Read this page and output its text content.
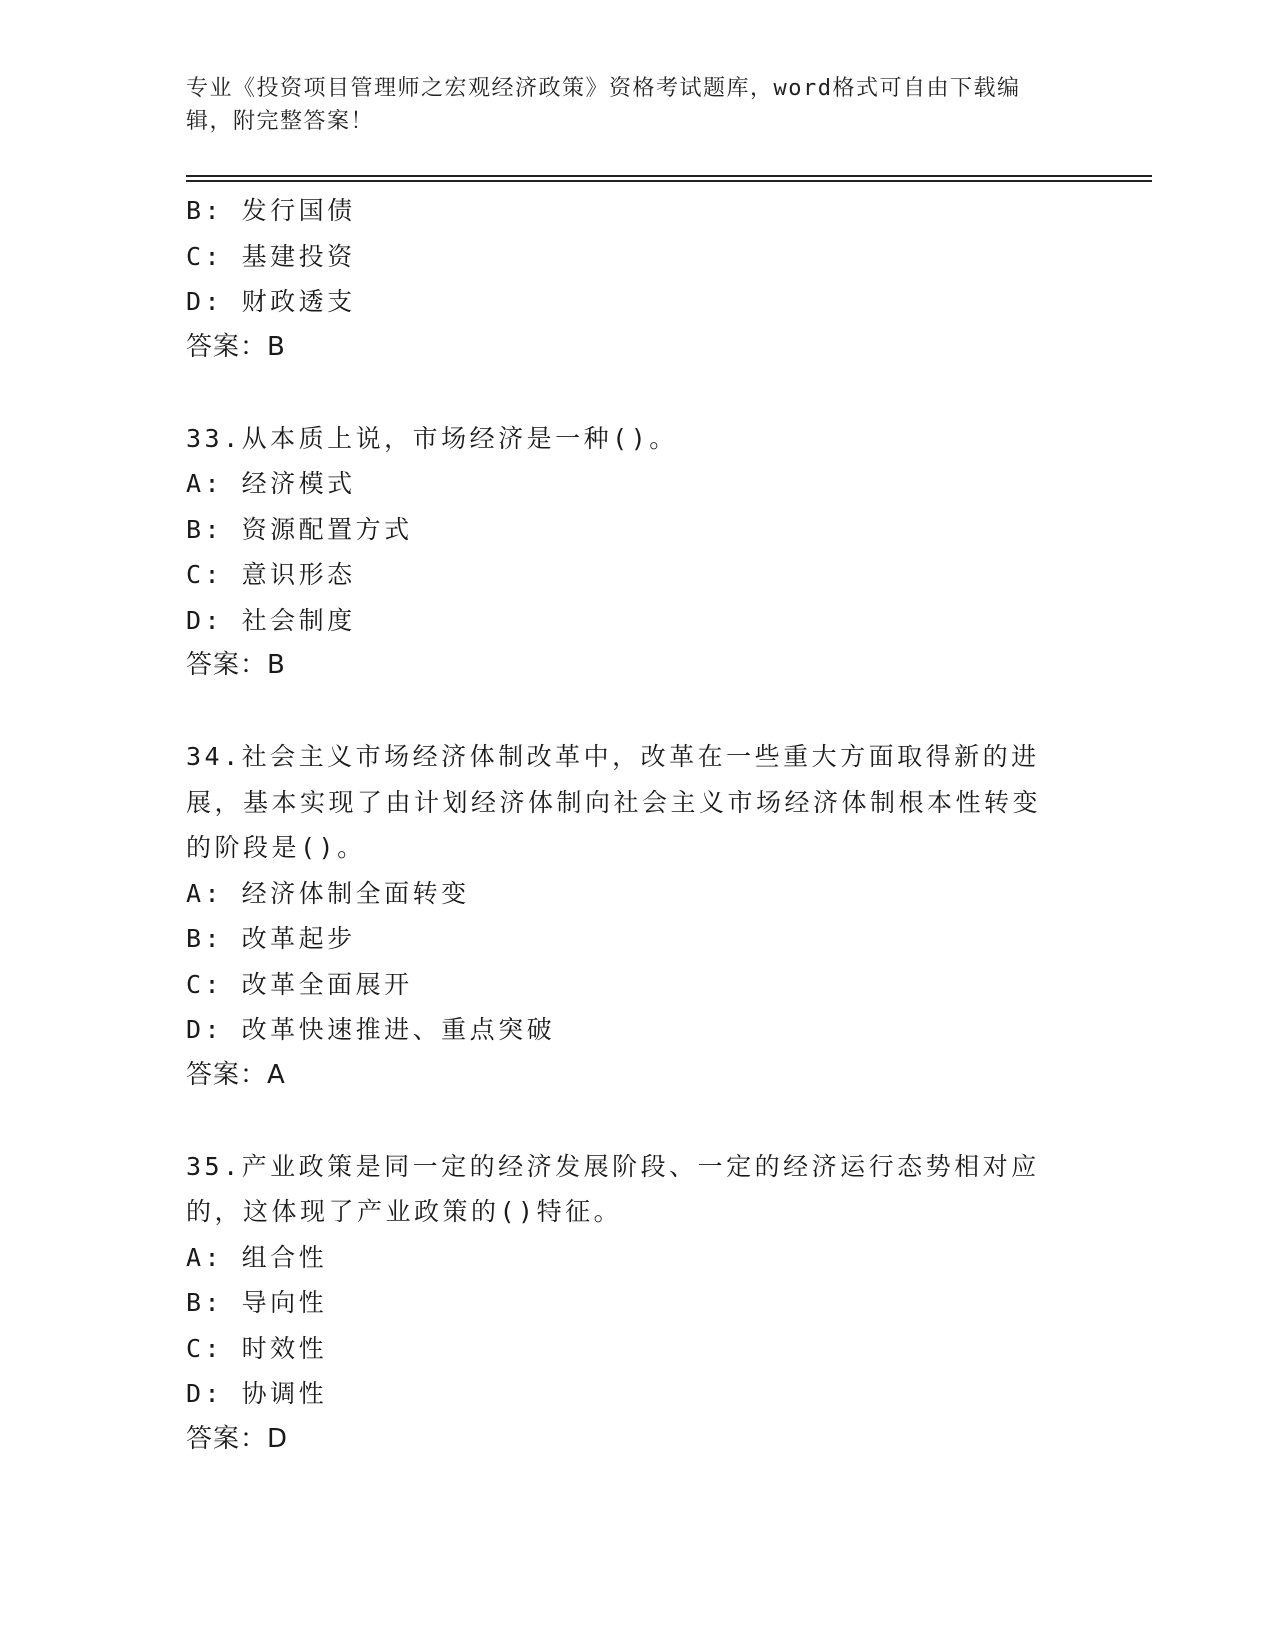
专业《投资项目管理师之宏观经济政策》资格考试题库，word格式可自由下载编辑，附完整答案！
B: 发行国债
C: 基建投资
D: 财政透支
答案：B
33.从本质上说，市场经济是一种()。
A: 经济模式
B: 资源配置方式
C: 意识形态
D: 社会制度
答案：B
34.社会主义市场经济体制改革中，改革在一些重大方面取得新的进展，基本实现了由计划经济体制向社会主义市场经济体制根本性转变的阶段是()。
A: 经济体制全面转变
B: 改革起步
C: 改革全面展开
D: 改革快速推进、重点突破
答案：A
35.产业政策是同一定的经济发展阶段、一定的经济运行态势相对应的，这体现了产业政策的()特征。
A: 组合性
B: 导向性
C: 时效性
D: 协调性
答案：D
